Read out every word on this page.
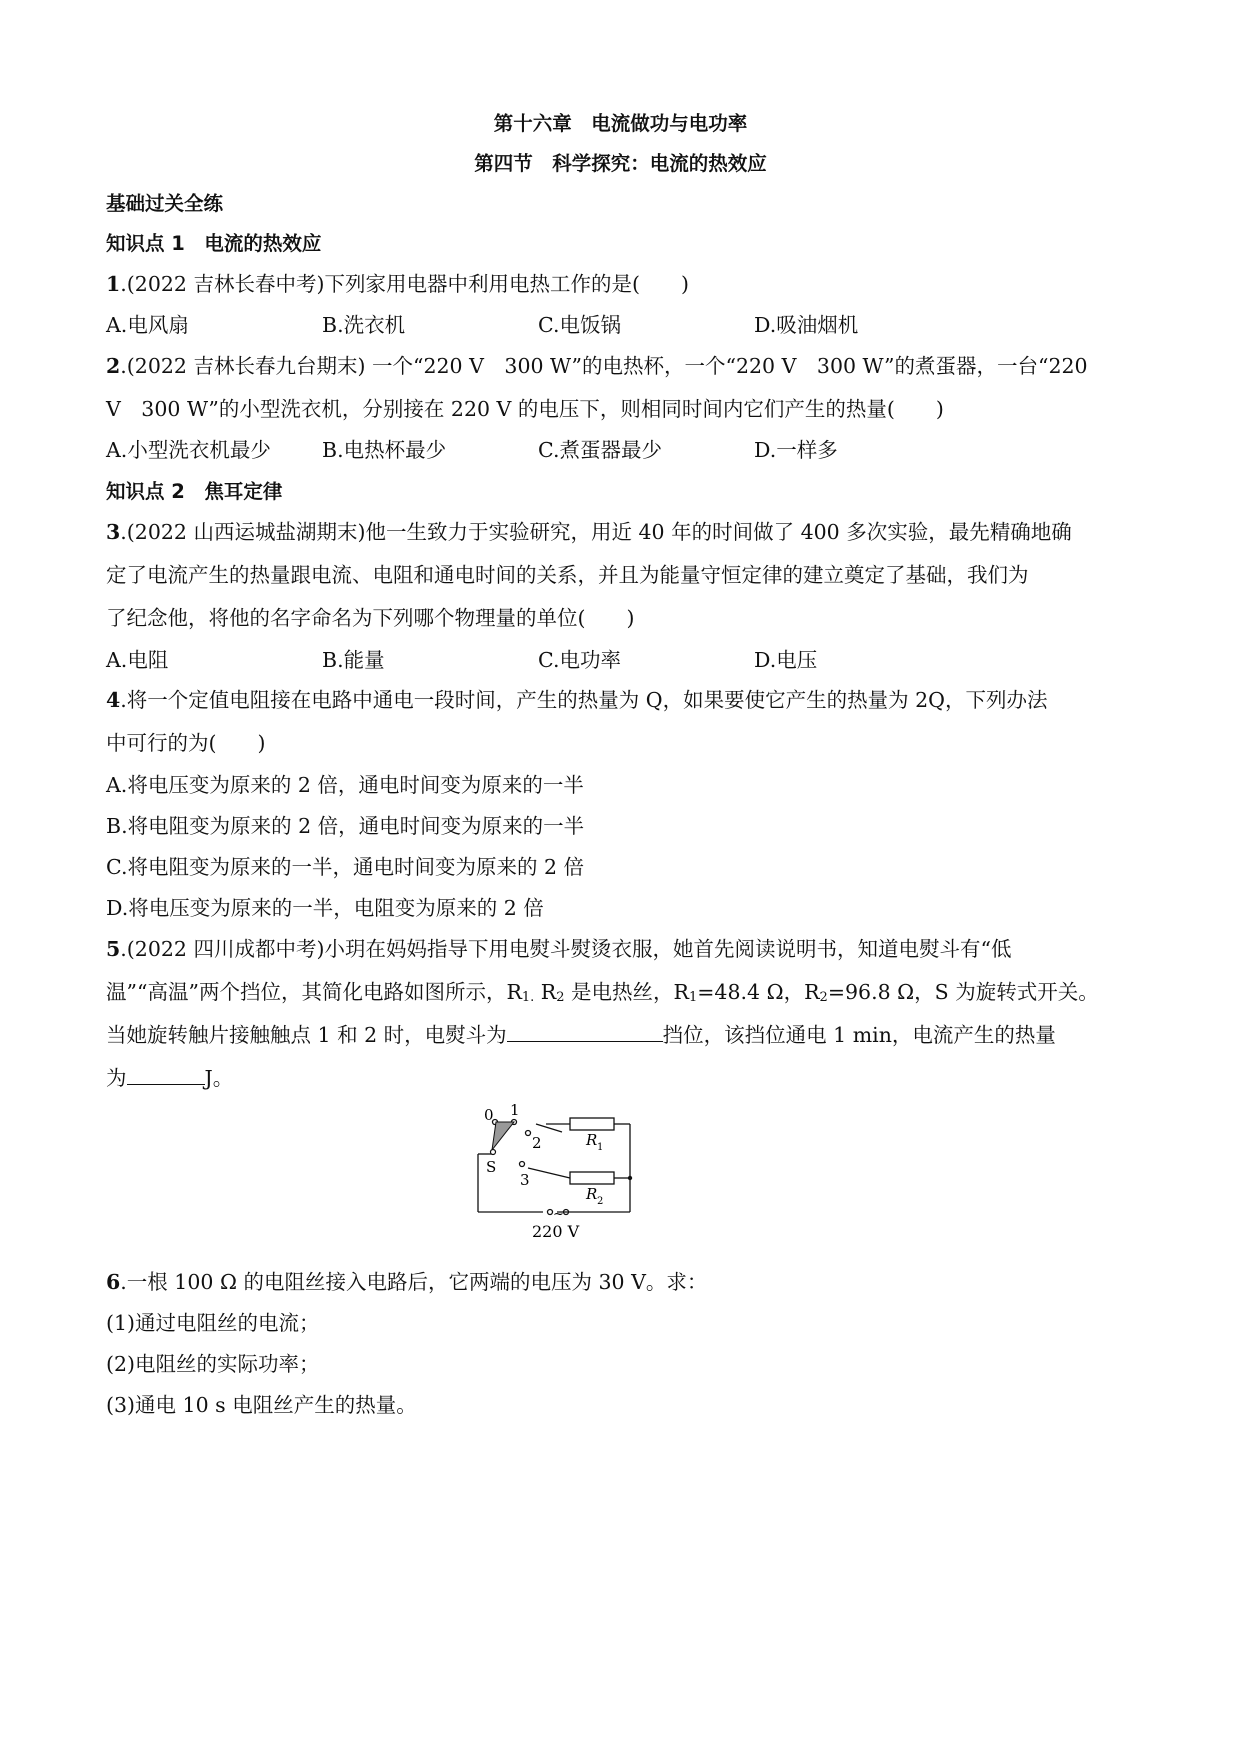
第十六章　电流做功与电功率
第四节　科学探究：电流的热效应
基础过关全练
知识点 1　电流的热效应
1.(2022 吉林长春中考)下列家用电器中利用电热工作的是(　　)
A.电风扇	B.洗衣机	C.电饭锅	D.吸油烟机
2.(2022 吉林长春九台期末) 一个“220 V　300 W”的电热杯，一个“220 V　300 W”的煮蛋器，一台“220
V　300 W”的小型洗衣机，分别接在 220 V 的电压下，则相同时间内它们产生的热量(　　)
A.小型洗衣机最少 B.电热杯最少	C.煮蛋器最少	D.一样多
知识点 2　焦耳定律
3.(2022 山西运城盐湖期末)他一生致力于实验研究，用近 40 年的时间做了 400 多次实验，最先精确地确
定了电流产生的热量跟电流、电阻和通电时间的关系，并且为能量守恒定律的建立奠定了基础，我们为
了纪念他，将他的名字命名为下列哪个物理量的单位(　　)
A.电阻	B.能量	C.电功率	D.电压
4.将一个定值电阻接在电路中通电一段时间，产生的热量为 Q，如果要使它产生的热量为 2Q，下列办法
中可行的为(　　)
A.将电压变为原来的 2 倍，通电时间变为原来的一半
B.将电阻变为原来的 2 倍，通电时间变为原来的一半
C.将电阻变为原来的一半，通电时间变为原来的 2 倍
D.将电压变为原来的一半，电阻变为原来的 2 倍
5.(2022 四川成都中考)小玥在妈妈指导下用电熨斗熨烫衣服，她首先阅读说明书，知道电熨斗有“低
温”“高温”两个挡位，其简化电路如图所示，R1. R2 是电热丝，R1=48.4 Ω，R2=96.8 Ω，S 为旋转式开关。
当她旋转触片接触触点 1 和 2 时，电熨斗为	挡位，该挡位通电 1 min，电流产生的热量
为	J。
0 1
2
3
S
R 1
R 2
~
220 V
6.一根 100 Ω 的电阻丝接入电路后，它两端的电压为 30 V。求：
(1)通过电阻丝的电流；
(2)电阻丝的实际功率；
(3)通电 10 s 电阻丝产生的热量。
